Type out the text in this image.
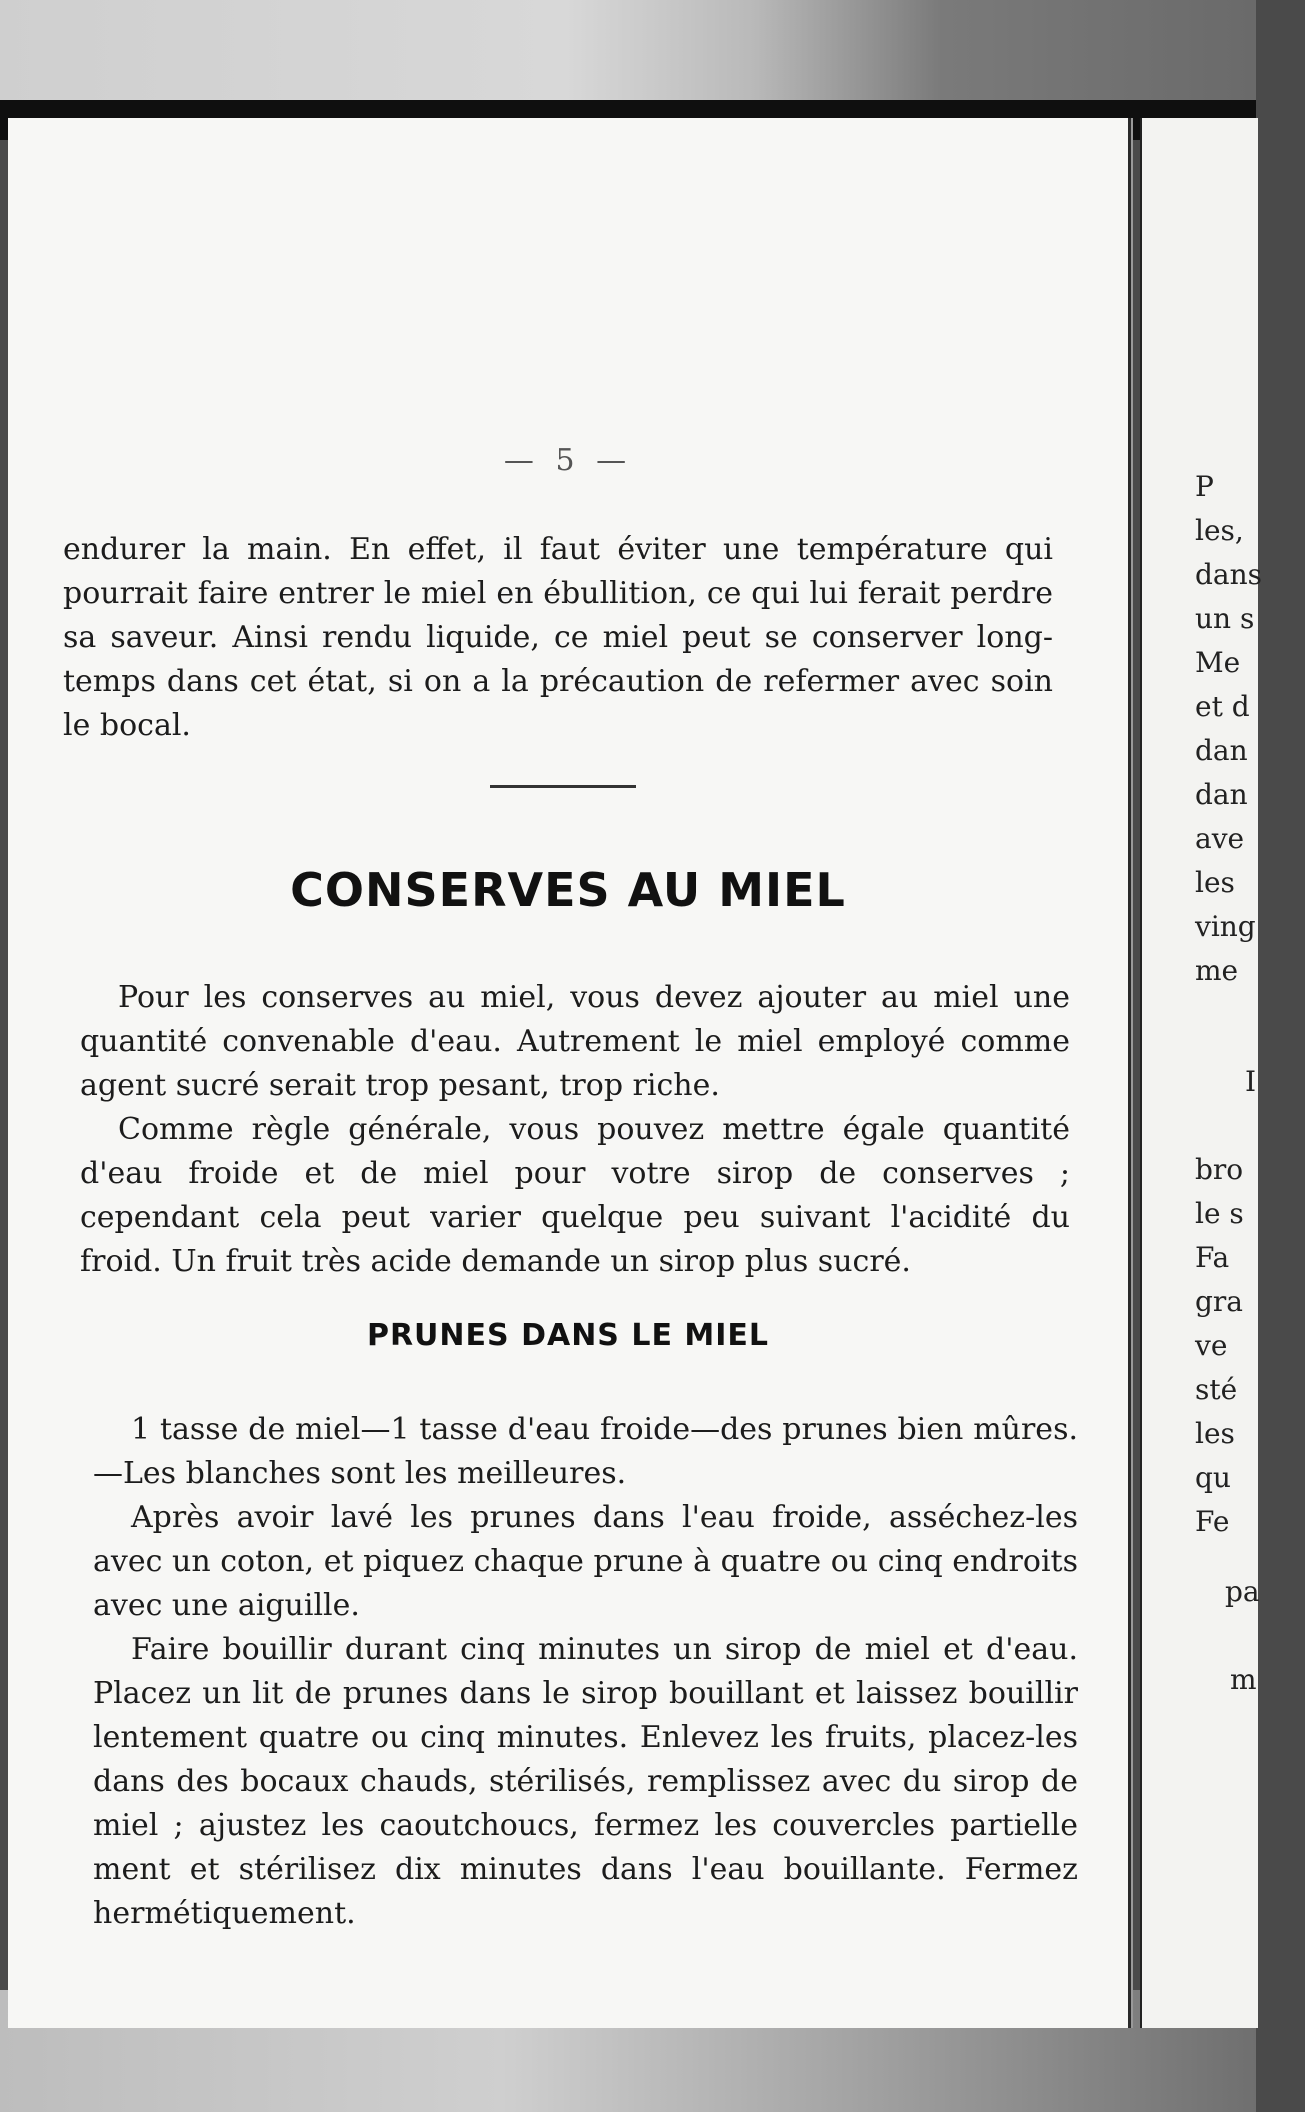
— 5 —
endurer la main. En effet, il faut éviter une température qui
pourrait faire entrer le miel en ébullition, ce qui lui ferait perdre
sa saveur. Ainsi rendu liquide, ce miel peut se conserver long-
temps dans cet état, si on a la précaution de refermer avec soin
le bocal.
CONSERVES AU MIEL

Pour les conserves au miel, vous devez ajouter au miel une quantité convenable d'eau. Autrement le miel employé comme agent sucré serait trop pesant, trop riche.

Comme règle générale, vous pouvez mettre égale quantité d'eau froide et de miel pour votre sirop de conserves ; cependant cela peut varier quelque peu suivant l'acidité du froid. Un fruit très acide demande un sirop plus sucré.

PRUNES DANS LE MIEL

1 tasse de miel—1 tasse d'eau froide—des prunes bien mûres.—Les blanches sont les meilleures.

Après avoir lavé les prunes dans l'eau froide, asséchez-les avec un coton, et piquez chaque prune à quatre ou cinq endroits avec une aiguille.

Faire bouillir durant cinq minutes un sirop de miel et d'eau. Placez un lit de prunes dans le sirop bouillant et laissez bouillir lentement quatre ou cinq minutes. Enlevez les fruits, placez-les dans des bocaux chauds, stérilisés, remplissez avec du sirop de miel ; ajustez les caoutchoucs, fermez les couvercles partielle ment et stérilisez dix minutes dans l'eau bouillante. Fermez hermétiquement.

P
les,
dans
un s
Me
et d
dan
dan
ave
les
ving
me
I
bro
le s
Fa
gra
ve
sté
les
qu
Fe
pa
m
